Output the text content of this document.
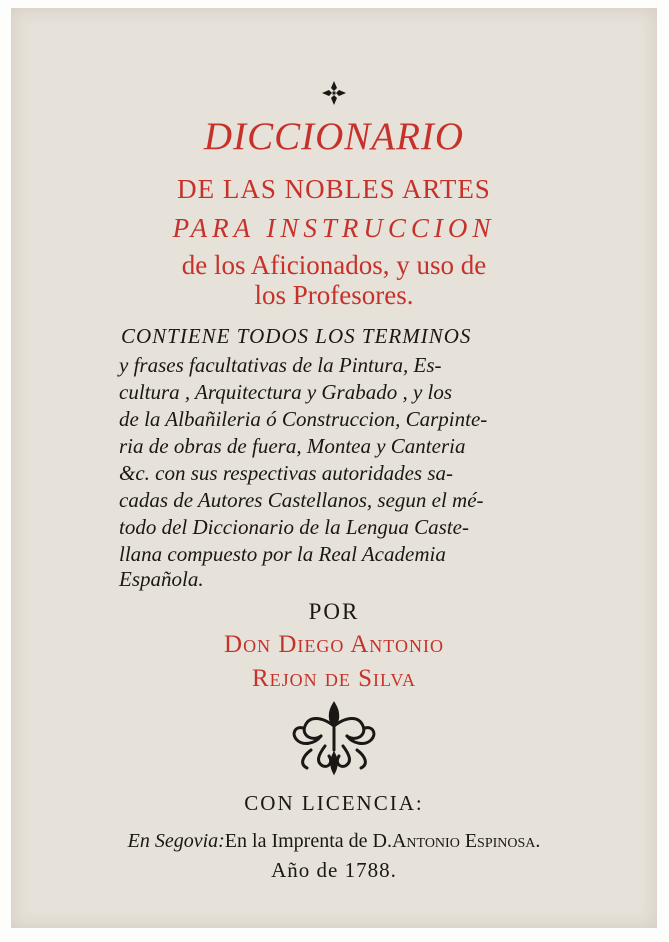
DICCIONARIO

DE LAS NOBLES ARTES

PARA INSTRUCCION

de los Aficionados, y uso de

los Profesores.

CONTIENE TODOS LOS TERMINOS

y frases facultativas de la Pintura, Es-

cultura , Arquitectura y Grabado , y los

de la Albañileria ó Construccion, Carpinte-

ria de obras de fuera, Montea y Canteria

&c. con sus respectivas autoridades sa-

cadas de Autores Castellanos, segun el mé-

todo del Diccionario de la Lengua Caste-

llana compuesto por la Real Academia

Española.

POR

Don Diego Antonio

Rejon de Silva

CON LICENCIA:

En Segovia:En la Imprenta de D.Antonio Espinosa.

Año de 1788.
